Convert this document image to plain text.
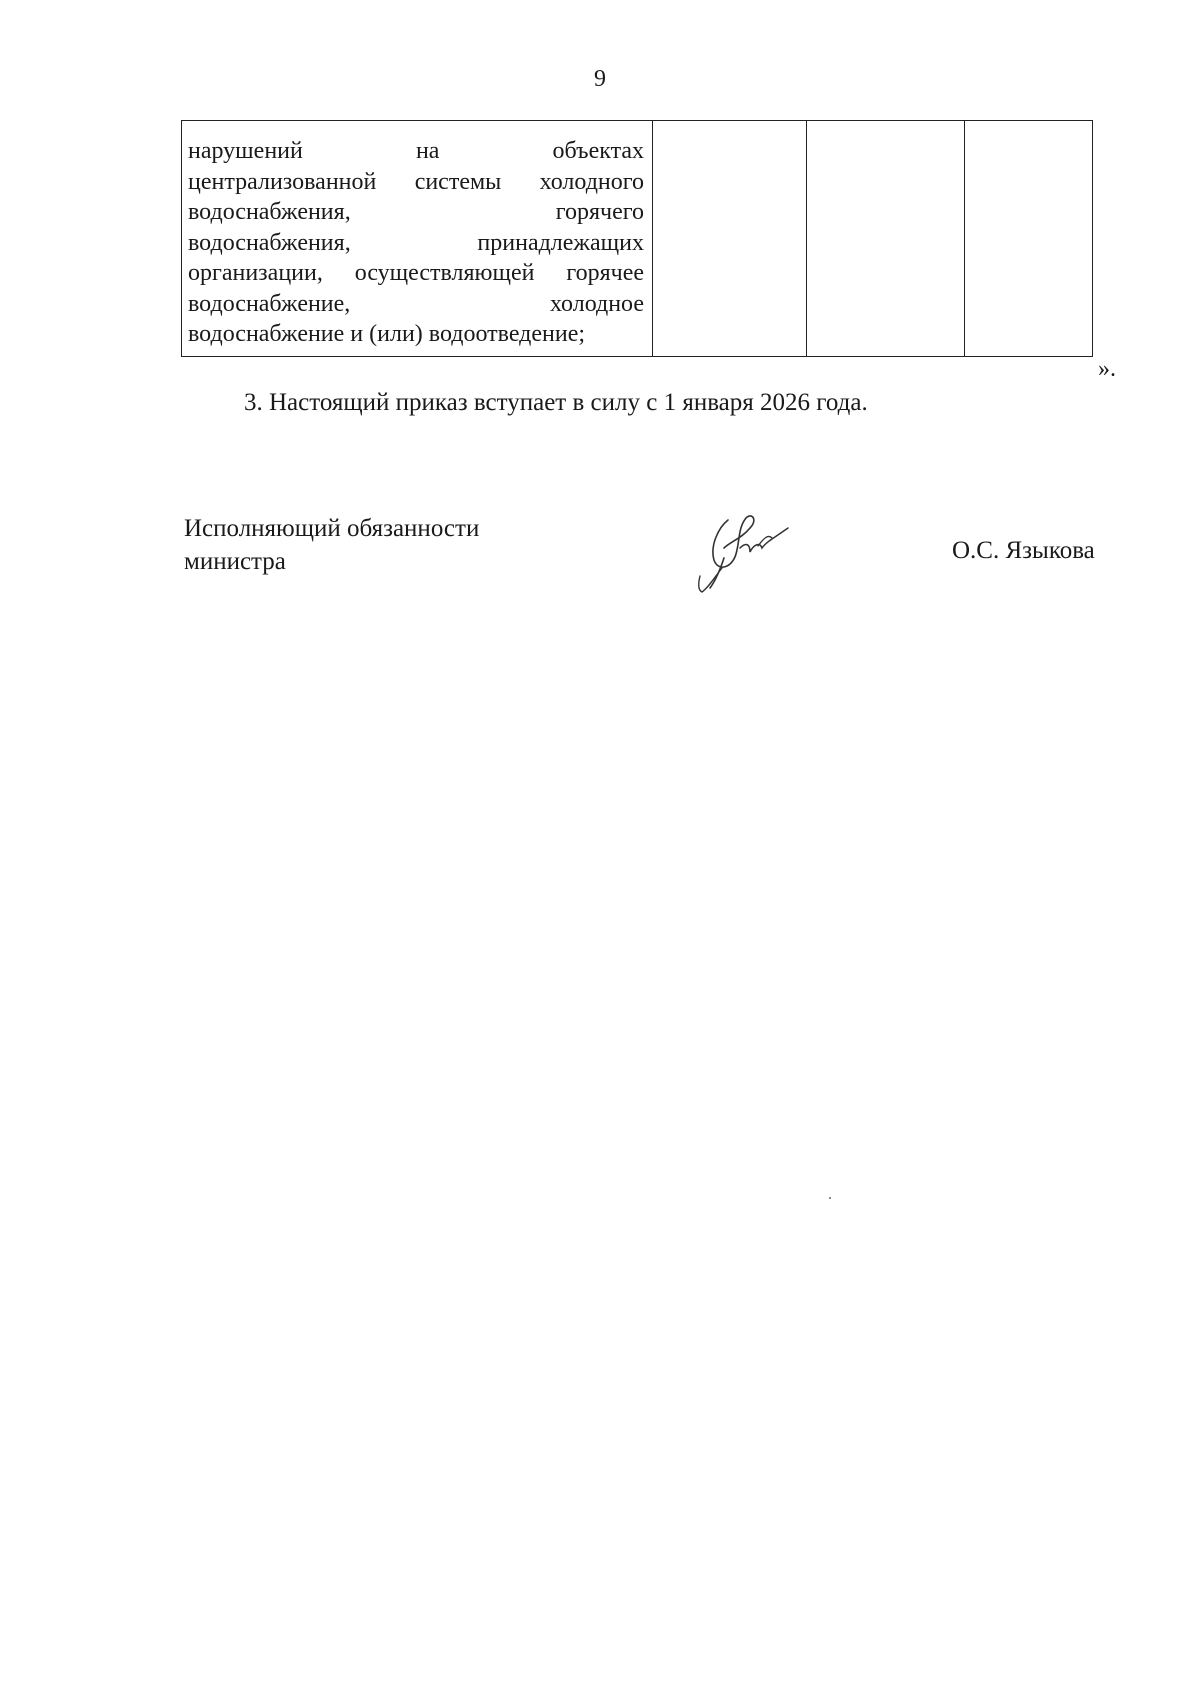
9
нарушений на объектах
централизованной системы холодного
водоснабжения, горячего
водоснабжения, принадлежащих
организации, осуществляющей горячее
водоснабжение, холодное
водоснабжение и (или) водоотведение;

».
3. Настоящий приказ вступает в силу с 1 января 2026 года.
Исполняющий обязанности
министра	О.С. Языкова
